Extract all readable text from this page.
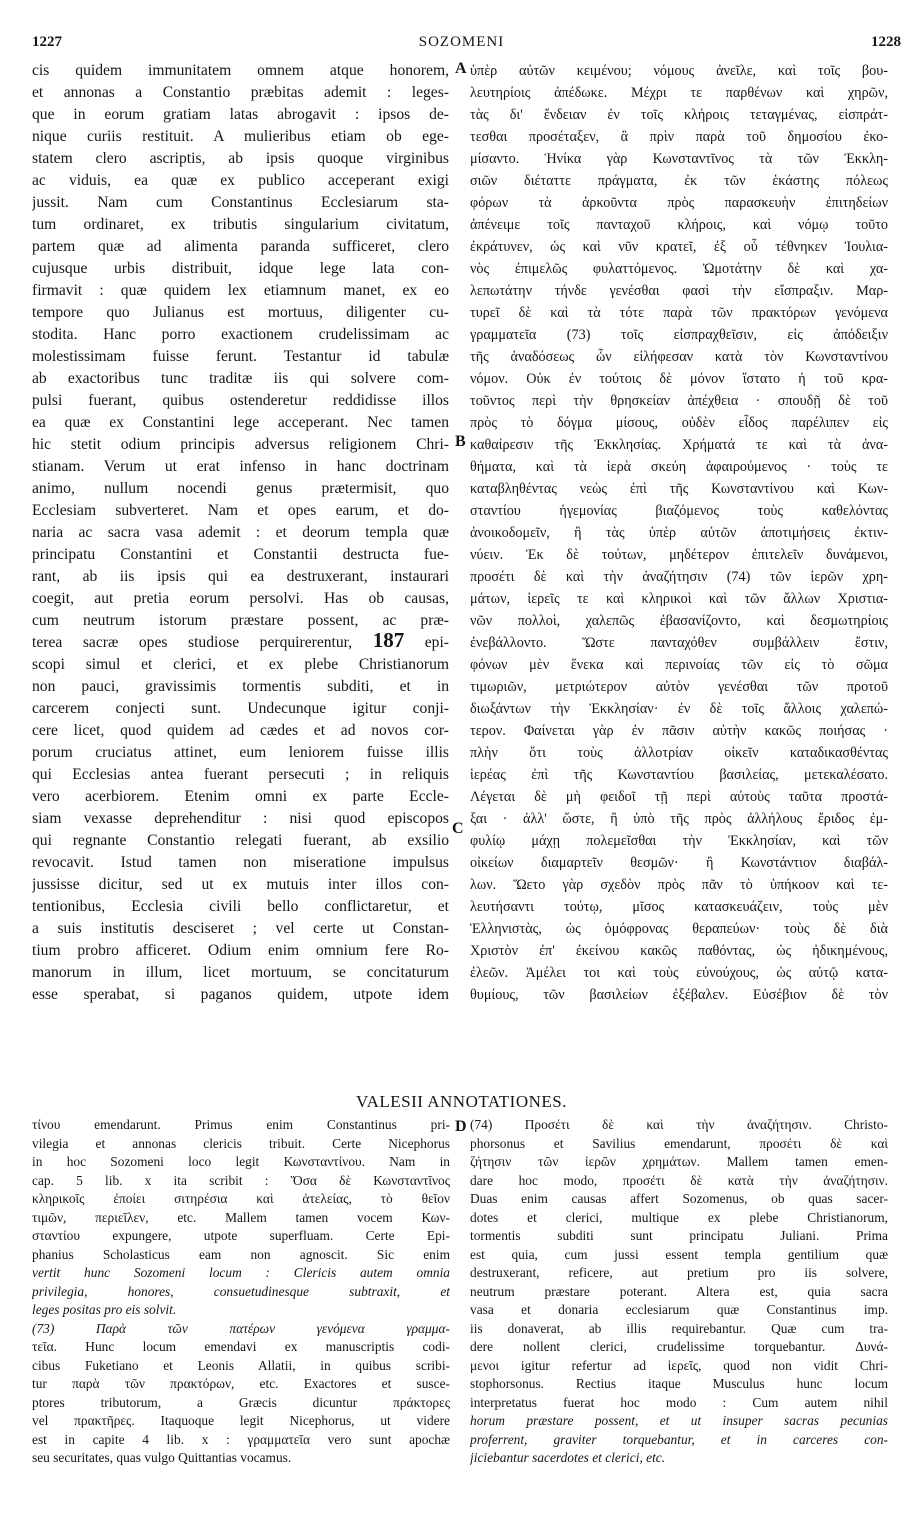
1227	SOZOMENI	1228
A
B
C
D
cis quidem immunitatem omnem atque honorem,
et annonas a Constantio præbitas ademit : leges-
que in eorum gratiam latas abrogavit : ipsos de-
nique curiis restituit. A mulieribus etiam ob ege-
statem clero ascriptis, ab ipsis quoque virginibus
ac viduis, ea quæ ex publico acceperant exigi
jussit. Nam cum Constantinus Ecclesiarum sta-
tum ordinaret, ex tributis singularium civitatum,
partem quæ ad alimenta paranda sufficeret, clero
cujusque urbis distribuit, idque lege lata con-
firmavit : quæ quidem lex etiamnum manet, ex eo
tempore quo Julianus est mortuus, diligenter cu-
stodita. Hanc porro exactionem crudelissimam ac
molestissimam fuisse ferunt. Testantur id tabulæ
ab exactoribus tunc traditæ iis qui solvere com-
pulsi fuerant, quibus ostenderetur reddidisse illos
ea quæ ex Constantini lege acceperant. Nec tamen
hic stetit odium principis adversus religionem Chri-
stianam. Verum ut erat infenso in hanc doctrinam
animo, nullum nocendi genus prætermisit, quo
Ecclesiam subverteret. Nam et opes earum, et do-
naria ac sacra vasa ademit : et deorum templa quæ
principatu Constantini et Constantii destructa fue-
rant, ab iis ipsis qui ea destruxerant, instaurari
coegit, aut pretia eorum persolvi. Has ob causas,
cum neutrum istorum præstare possent, ac præ-
terea sacræ opes studiose perquirerentur, 187 epi-
scopi simul et clerici, et ex plebe Christianorum
non pauci, gravissimis tormentis subditi, et in
carcerem conjecti sunt. Undecunque igitur conji-
cere licet, quod quidem ad cædes et ad novos cor-
porum cruciatus attinet, eum leniorem fuisse illis
qui Ecclesias antea fuerant persecuti ; in reliquis
vero acerbiorem. Etenim omni ex parte Eccle-
siam vexasse deprehenditur : nisi quod episcopos
qui regnante Constantio relegati fuerant, ab exsilio
revocavit. Istud tamen non miseratione impulsus
jussisse dicitur, sed ut ex mutuis inter illos con-
tentionibus, Ecclesia civili bello conflictaretur, et
a suis institutis desciseret ; vel certe ut Constan-
tium probro afficeret. Odium enim omnium fere Ro-
manorum in illum, licet mortuum, se concitaturum
esse sperabat, si paganos quidem, utpote idem
ὑπὲρ αὐτῶν κειμένου; νόμους ἀνεῖλε, καὶ τοῖς βου-
λευτηρίοις ἀπέδωκε. Μέχρι τε παρθένων καὶ χηρῶν,
τὰς δι' ἔνδειαν ἐν τοῖς κλήροις τεταγμένας, εἰσπράτ-
τεσθαι προσέταξεν, ἃ πρὶν παρὰ τοῦ δημοσίου ἐκο-
μίσαντο. Ἡνίκα γὰρ Κωνσταντῖνος τὰ τῶν Ἐκκλη-
σιῶν διέταττε πράγματα, ἐκ τῶν ἑκάστης πόλεως
φόρων τὰ ἀρκοῦντα πρὸς παρασκευὴν ἐπιτηδείων
ἀπένειμε τοῖς πανταχοῦ κλήροις, καὶ νόμῳ τοῦτο
ἐκράτυνεν, ὡς καὶ νῦν κρατεῖ, ἐξ οὗ τέθνηκεν Ἰουλια-
νὸς ἐπιμελῶς φυλαττόμενος. Ὠμοτάτην δὲ καὶ χα-
λεπωτάτην τήνδε γενέσθαι φασὶ τὴν εἴσπραξιν. Μαρ-
τυρεῖ δὲ καὶ τὰ τότε παρὰ τῶν πρακτόρων γενόμενα
γραμματεῖα (73) τοῖς εἰσπραχθεῖσιν, εἰς ἀπόδειξιν
τῆς ἀναδόσεως ὧν εἰλήφεσαν κατὰ τὸν Κωνσταντίνου
νόμον. Οὐκ ἐν τούτοις δὲ μόνον ἵστατο ἡ τοῦ κρα-
τοῦντος περὶ τὴν θρησκείαν ἀπέχθεια · σπουδῇ δὲ τοῦ
πρὸς τὸ δόγμα μίσους, οὐδὲν εἶδος παρέλιπεν εἰς
καθαίρεσιν τῆς Ἐκκλησίας. Χρήματά τε καὶ τὰ ἀνα-
θήματα, καὶ τὰ ἱερὰ σκεύη ἀφαιρούμενος · τοὺς τε
καταβληθέντας νεὼς ἐπὶ τῆς Κωνσταντίνου καὶ Κων-
σταντίου ἡγεμονίας βιαζόμενος τοὺς καθελόντας
ἀνοικοδομεῖν, ἢ τὰς ὑπὲρ αὐτῶν ἀποτιμήσεις ἐκτιν-
νύειν. Ἐκ δὲ τούτων, μηδέτερον ἐπιτελεῖν δυνάμενοι,
προσέτι δὲ καὶ τὴν ἀναζήτησιν (74) τῶν ἱερῶν χρη-
μάτων, ἱερεῖς τε καὶ κληρικοὶ καὶ τῶν ἄλλων Χριστια-
νῶν πολλοὶ, χαλεπῶς ἐβασανίζοντο, καὶ δεσμωτηρίοις
ἐνεβάλλοντο. Ὥστε πανταχόθεν συμβάλλειν ἔστιν,
φόνων μὲν ἕνεκα καὶ περινοίας τῶν εἰς τὸ σῶμα
τιμωριῶν, μετριώτερον αὐτὸν γενέσθαι τῶν προτοῦ
διωξάντων τὴν Ἐκκλησίαν· ἐν δὲ τοῖς ἄλλοις χαλεπώ-
τερον. Φαίνεται γὰρ ἐν πᾶσιν αὐτὴν κακῶς ποιήσας ·
πλὴν ὅτι τοὺς ἀλλοτρίαν οἰκεῖν καταδικασθέντας
ἱερέας ἐπὶ τῆς Κωνσταντίου βασιλείας, μετεκαλέσατο.
Λέγεται δὲ μὴ φειδοῖ τῇ περὶ αὐτοὺς ταῦτα προστά-
ξαι · ἀλλ' ὥστε, ἢ ὑπὸ τῆς πρὸς ἀλλήλους ἔριδος ἐμ-
φυλίῳ μάχῃ πολεμεῖσθαι τὴν Ἐκκλησίαν, καὶ τῶν
οἰκείων διαμαρτεῖν θεσμῶν· ἢ Κωνστάντιον διαβάλ-
λων. Ὥετο γὰρ σχεδὸν πρὸς πᾶν τὸ ὑπήκοον καὶ τε-
λευτήσαντι τούτῳ, μῖσος κατασκευάζειν, τοὺς μὲν
Ἑλληνιστὰς, ὡς ὁμόφρονας θεραπεύων· τοὺς δὲ διὰ
Χριστὸν ἐπ' ἐκείνου κακῶς παθόντας, ὡς ἠδικημένους,
ἐλεῶν. Ἀμέλει τοι καὶ τοὺς εὐνούχους, ὡς αὐτῷ κατα-
θυμίους, τῶν βασιλείων ἐξέβαλεν. Εὐσέβιον δὲ τὸν
VALESII ANNOTATIONES.
τίνου emendarunt. Primus enim Constantinus pri-
vilegia et annonas clericis tribuit. Certe Nicephorus
in hoc Sozomeni loco legit Κωνσταντίνου. Nam in
cap. 5 lib. x ita scribit : Ὅσα δὲ Κωνσταντῖνος
κληρικοῖς ἐποίει σιτηρέσια καὶ ἀτελείας, τὸ θεῖον
τιμῶν, περιεῖλεν, etc. Mallem tamen vocem Κων-
σταντίου expungere, utpote superfluam. Certe Epi-
phanius Scholasticus eam non agnoscit. Sic enim
vertit hunc Sozomeni locum : Clericis autem omnia
privilegia, honores, consuetudinesque subtraxit, et
leges positas pro eis solvit.
(73) Παρὰ τῶν πατέρων γενόμενα γραμμα-
τεῖα. Hunc locum emendavi ex manuscriptis codi-
cibus Fuketiano et Leonis Allatii, in quibus scribi-
tur παρὰ τῶν πρακτόρων, etc. Exactores et susce-
ptores tributorum, a Græcis dicuntur πράκτορες
vel πρακτῆρες. Itaquoque legit Nicephorus, ut videre
est in capite 4 lib. x : γραμματεῖα vero sunt apochæ
seu securitates, quas vulgo Quittantias vocamus.
(74) Προσέτι δὲ καὶ τὴν ἀναζήτησιν. Christo-
phorsonus et Savilius emendarunt, προσέτι δὲ καὶ
ζήτησιν τῶν ἱερῶν χρημάτων. Mallem tamen emen-
dare hoc modo, προσέτι δὲ κατὰ τὴν ἀναζήτησιν.
Duas enim causas affert Sozomenus, ob quas sacer-
dotes et clerici, multique ex plebe Christianorum,
tormentis subditi sunt principatu Juliani. Prima
est quia, cum jussi essent templa gentilium quæ
destruxerant, reficere, aut pretium pro iis solvere,
neutrum præstare poterant. Altera est, quia sacra
vasa et donaria ecclesiarum quæ Constantinus imp.
iis donaverat, ab illis requirebantur. Quæ cum tra-
dere nollent clerici, crudelissime torquebantur. Δυνά-
μενοι igitur refertur ad ἱερεῖς, quod non vidit Chri-
stophorsonus. Rectius itaque Musculus hunc locum
interpretatus fuerat hoc modo : Cum autem nihil
horum præstare possent, et ut insuper sacras pecunias
proferrent, graviter torquebantur, et in carceres con-
jiciebantur sacerdotes et clerici, etc.
